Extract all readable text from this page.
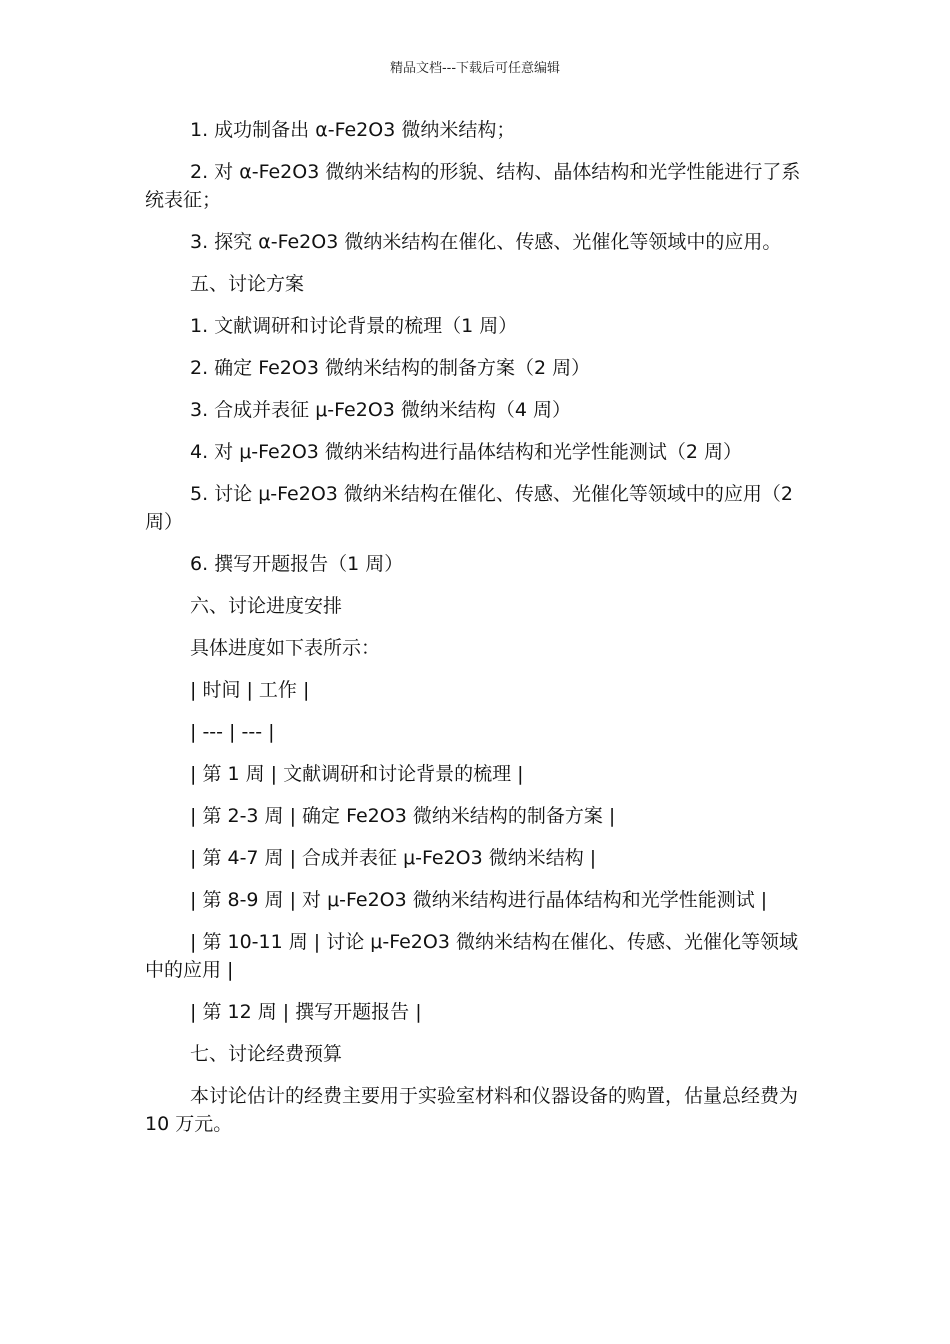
精品文档---下载后可任意编辑

1. 成功制备出 α-Fe2O3 微纳米结构；

2. 对 α-Fe2O3 微纳米结构的形貌、结构、晶体结构和光学性能进行了系统表征；

3. 探究 α-Fe2O3 微纳米结构在催化、传感、光催化等领域中的应用。

五、讨论方案

1. 文献调研和讨论背景的梳理（1 周）

2. 确定 Fe2O3 微纳米结构的制备方案（2 周）

3. 合成并表征 μ-Fe2O3 微纳米结构（4 周）

4. 对 μ-Fe2O3 微纳米结构进行晶体结构和光学性能测试（2 周）

5. 讨论 μ-Fe2O3 微纳米结构在催化、传感、光催化等领域中的应用（2 周）

6. 撰写开题报告（1 周）

六、讨论进度安排

具体进度如下表所示：

| 时间 | 工作 |

| --- | --- |

| 第 1 周 | 文献调研和讨论背景的梳理 |

| 第 2-3 周 | 确定 Fe2O3 微纳米结构的制备方案 |

| 第 4-7 周 | 合成并表征 μ-Fe2O3 微纳米结构 |

| 第 8-9 周 | 对 μ-Fe2O3 微纳米结构进行晶体结构和光学性能测试 |

| 第 10-11 周 | 讨论 μ-Fe2O3 微纳米结构在催化、传感、光催化等领域中的应用 |

| 第 12 周 | 撰写开题报告 |

七、讨论经费预算

本讨论估计的经费主要用于实验室材料和仪器设备的购置，估量总经费为 10 万元。
